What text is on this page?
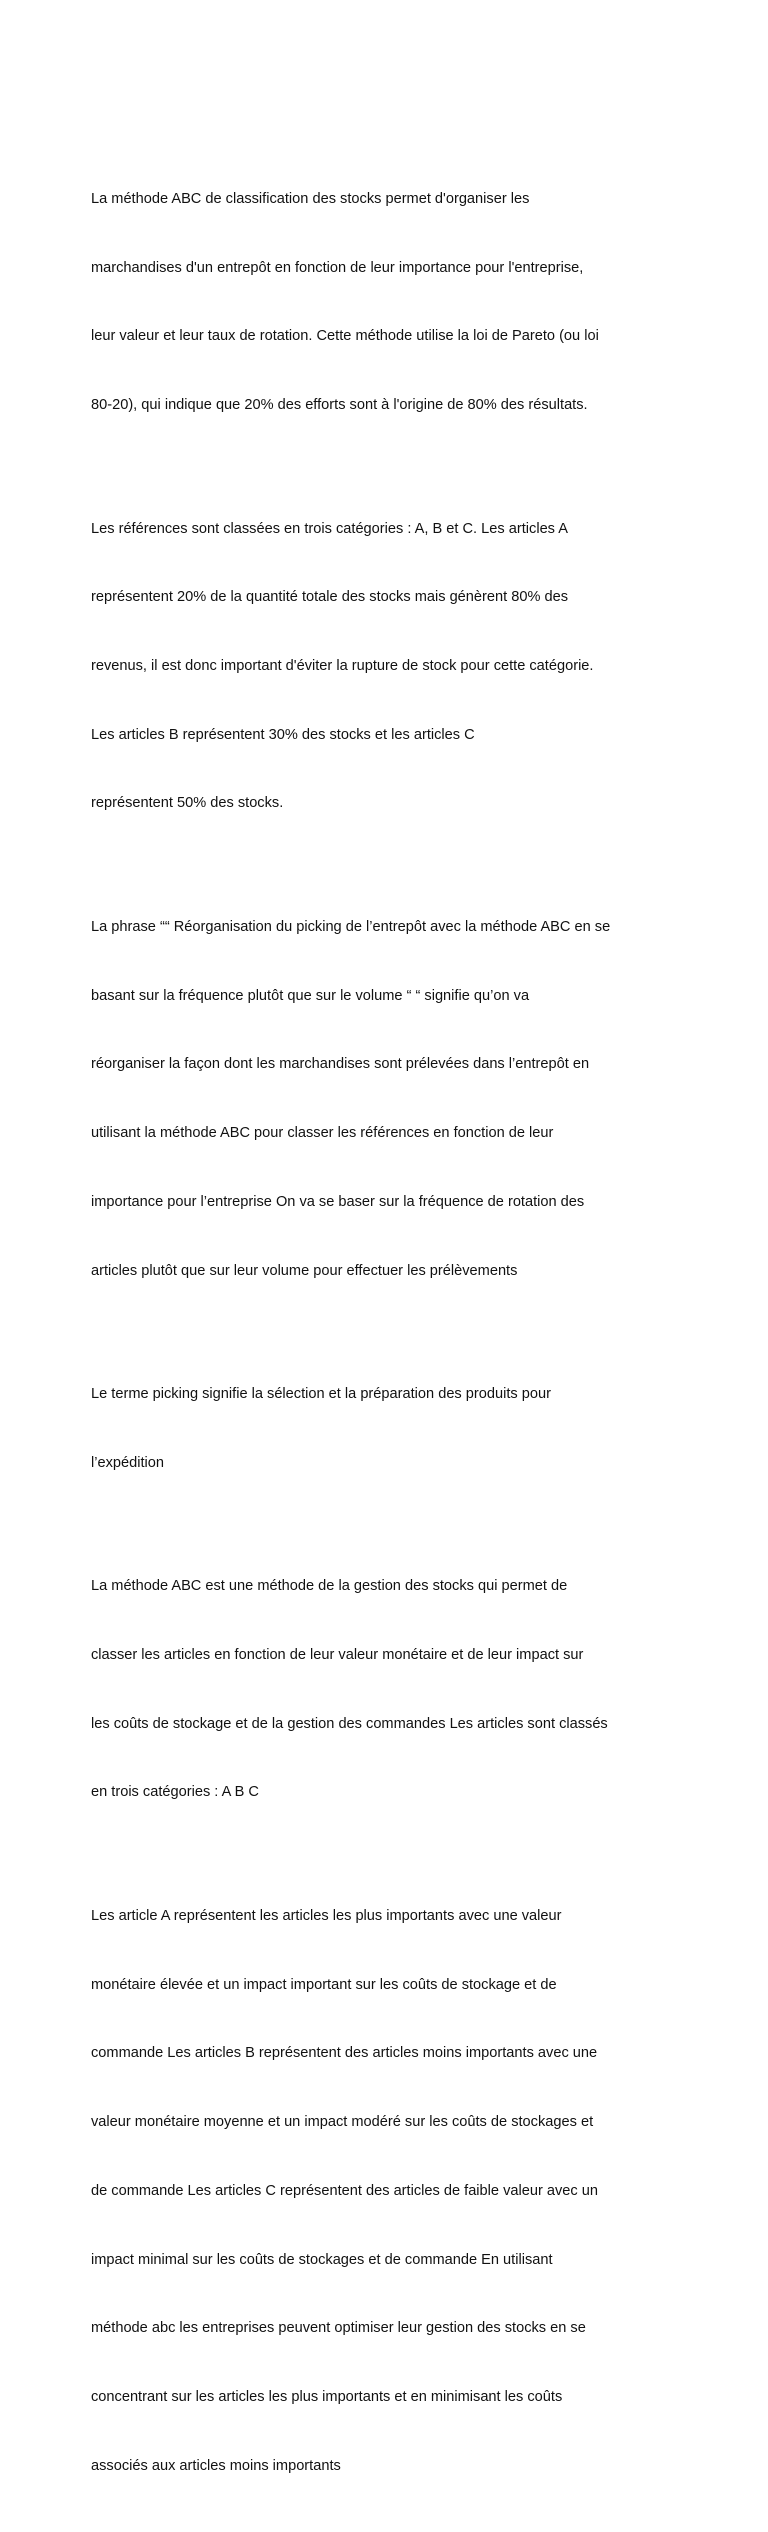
La méthode ABC de classification des stocks permet d'organiser les

marchandises d'un entrepôt en fonction de leur importance pour l'entreprise,

leur valeur et leur taux de rotation. Cette méthode utilise la loi de Pareto (ou loi

80-20), qui indique que 20% des efforts sont à l'origine de 80% des résultats.

Les références sont classées en trois catégories : A, B et C. Les articles A

représentent 20% de la quantité totale des stocks mais génèrent 80% des

revenus, il est donc important d'éviter la rupture de stock pour cette catégorie.

Les articles B représentent 30% des stocks et les articles C

représentent 50% des stocks.

La phrase ““ Réorganisation du picking de l’entrepôt avec la méthode ABC en se

basant sur la fréquence plutôt que sur le volume “ “ signifie qu’on va

réorganiser la façon dont les marchandises sont prélevées dans l’entrepôt en

utilisant la méthode ABC pour classer les références en fonction de leur

importance pour l’entreprise On va se baser sur la fréquence de rotation des

articles plutôt que sur leur volume pour effectuer les prélèvements

Le terme picking signifie la sélection et la préparation des produits pour

l’expédition

La méthode ABC est une méthode de la gestion des stocks qui permet de

classer les articles en fonction de leur valeur monétaire et de leur impact sur

les coûts de stockage et de la gestion des commandes Les articles sont classés

en trois catégories : A B C

Les article A représentent les articles les plus importants avec une valeur

monétaire élevée et un impact important sur les coûts de stockage et de

commande Les articles B représentent des articles moins importants avec une

valeur monétaire moyenne et un impact modéré sur les coûts de stockages et

de commande Les articles C représentent des articles de faible valeur avec un

impact minimal sur les coûts de stockages et de commande En utilisant

méthode abc les entreprises peuvent optimiser leur gestion des stocks en se

concentrant sur les articles les plus importants et en minimisant les coûts

associés aux articles moins importants
